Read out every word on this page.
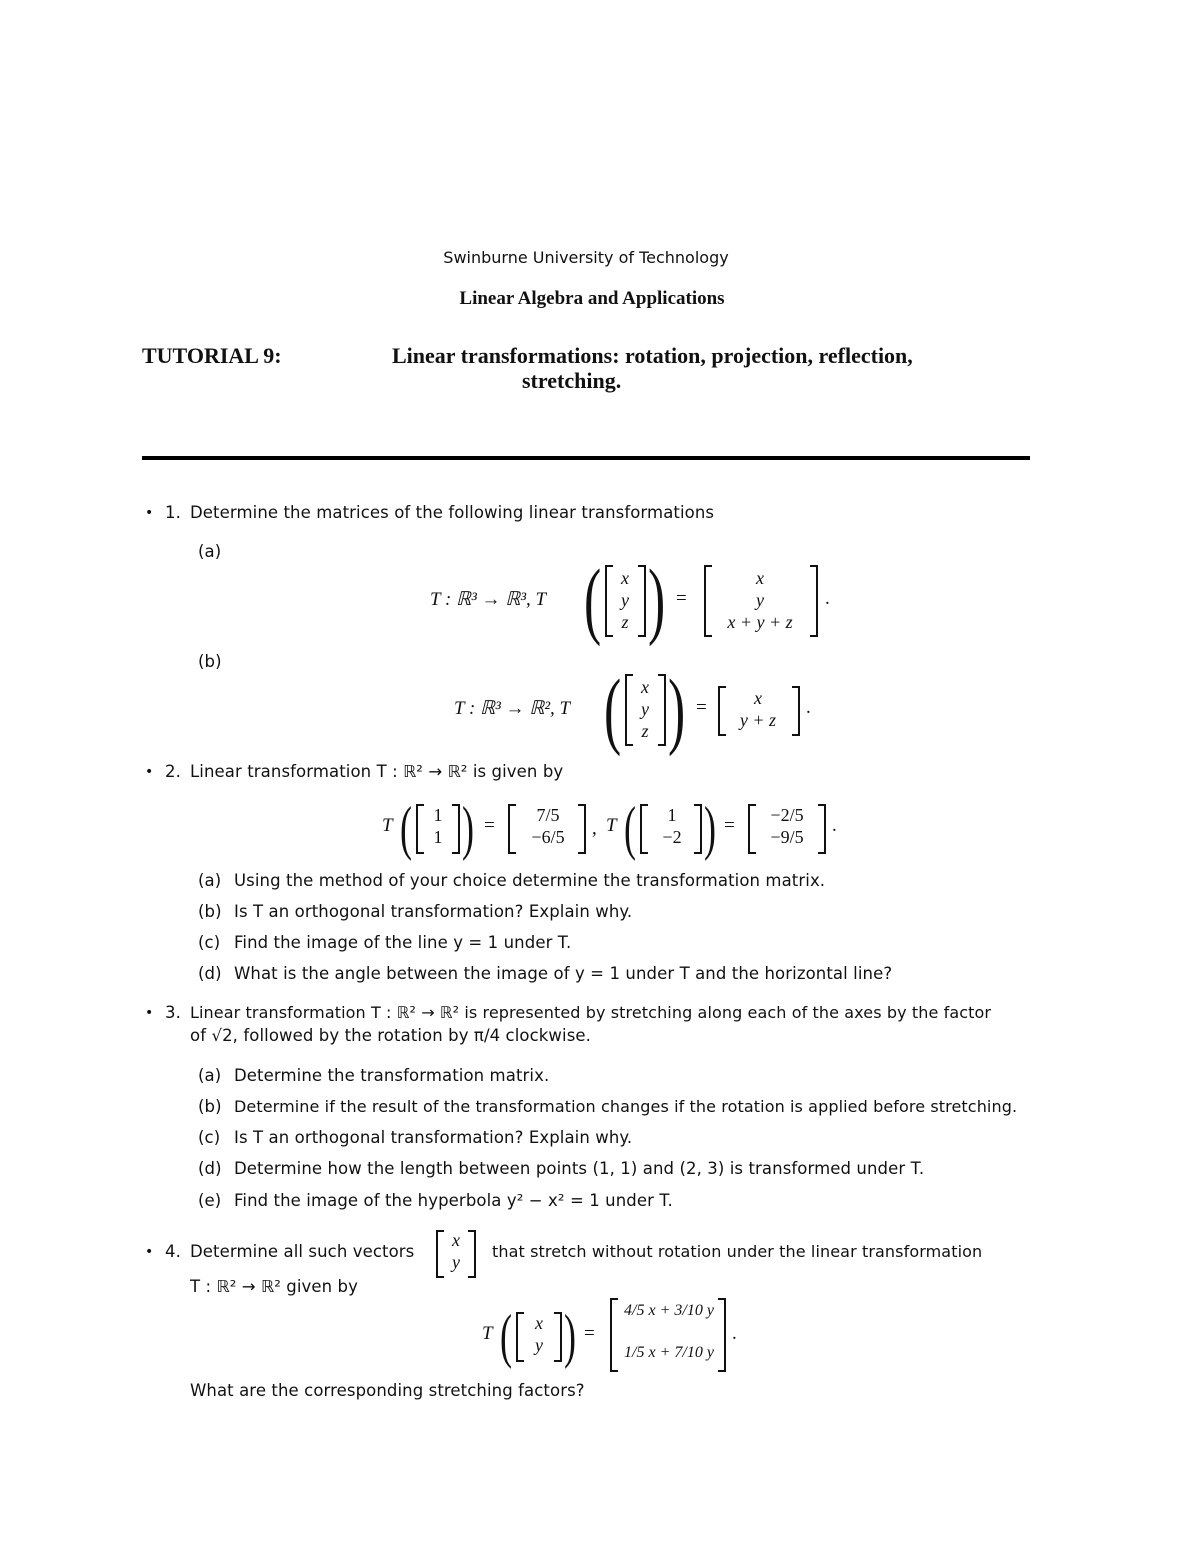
Swinburne University of Technology
Linear Algebra and Applications
TUTORIAL 9:	Linear transformations: rotation, projection, reflection,
stretching.
• 1. Determine the matrices of the following linear transformations
(a)
T : ℝ³ → ℝ³, T (	x
y
z ) =
x
y
x + y + z
.
(b)
T : ℝ³ → ℝ², T (	x
y
z ) =	x
y + z
.
• 2. Linear transformation T : ℝ² → ℝ² is given by
T (	1
1 ) =	7/5
−6/5	, T (	1
−2 ) =	−2/5
−9/5
.
(a) Using the method of your choice determine the transformation matrix.
(b) Is T an orthogonal transformation? Explain why.
(c) Find the image of the line y = 1 under T.
(d) What is the angle between the image of y = 1 under T and the horizontal line?
• 3. Linear transformation T : ℝ² → ℝ² is represented by stretching along each of the axes by the factor
of √2, followed by the rotation by π/4 clockwise.
(a) Determine the transformation matrix.
(b) Determine if the result of the transformation changes if the rotation is applied before stretching.
(c) Is T an orthogonal transformation? Explain why.
(d) Determine how the length between points (1, 1) and (2, 3) is transformed under T.
(e) Find the image of the hyperbola y² − x² = 1 under T.
• 4. Determine all such vectors
x
y
that stretch without rotation under the linear transformation
T : ℝ² → ℝ² given by
T (	x
y ) =
4/5 x + 3/10 y
1/5 x + 7/10 y
.
What are the corresponding stretching factors?
